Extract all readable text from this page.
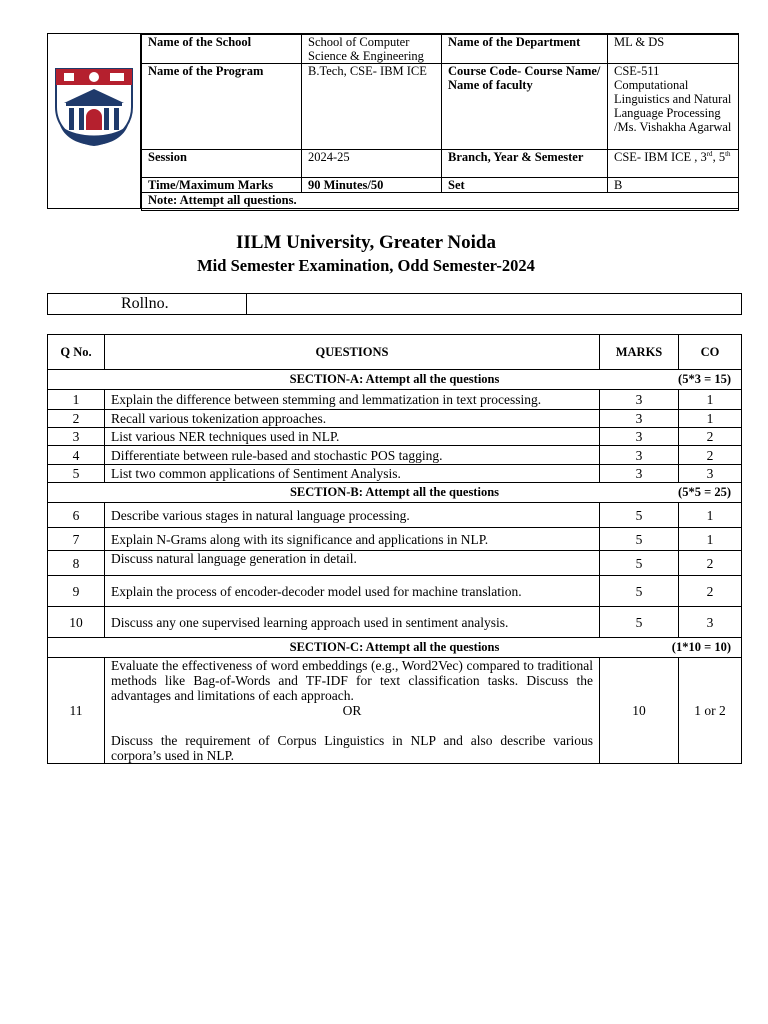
Name of the School	School of Computer Science & Engineering	Name of the Department	ML & DS
Name of the Program	B.Tech, CSE- IBM ICE	Course Code- Course Name/ Name of faculty	CSE-511 Computational Linguistics and Natural Language Processing /Ms. Vishakha Agarwal
Session	2024-25	Branch, Year & Semester	CSE- IBM ICE , 3rd, 5th
Time/Maximum Marks	90 Minutes/50	Set	B
Note: Attempt all questions.			
IILM University, Greater Noida
Mid Semester Examination, Odd Semester-2024
Rollno.	
Q No.	QUESTIONS	MARKS	CO
SECTION-A: Attempt all the questions (5*3 = 15)			

1	Explain the difference between stemming and lemmatization in text processing.	3	1
2	Recall various tokenization approaches.	3	1
3	List various NER techniques used in NLP.	3	2
4	Differentiate between rule-based and stochastic POS tagging.	3	2
5	List two common applications of Sentiment Analysis.	3	3
SECTION-B: Attempt all the questions (5*5 = 25)			

6	Describe various stages in natural language processing.	5	1
7	Explain N-Grams along with its significance and applications in NLP.	5	1
8	Discuss natural language generation in detail.	5	2
9	Explain the process of encoder-decoder model used for machine translation.	5	2
10	Discuss any one supervised learning approach used in sentiment analysis.	5	3
SECTION-C: Attempt all the questions (1*10 = 10)			

11	Evaluate the effectiveness of word embeddings (e.g., Word2Vec) compared to traditional methods like Bag-of-Words and TF-IDF for text classification tasks. Discuss the advantages and limitations of each approach.
OR
Discuss the requirement of Corpus Linguistics in NLP and also describe various corpora’s used in NLP.	10	1 or 2
